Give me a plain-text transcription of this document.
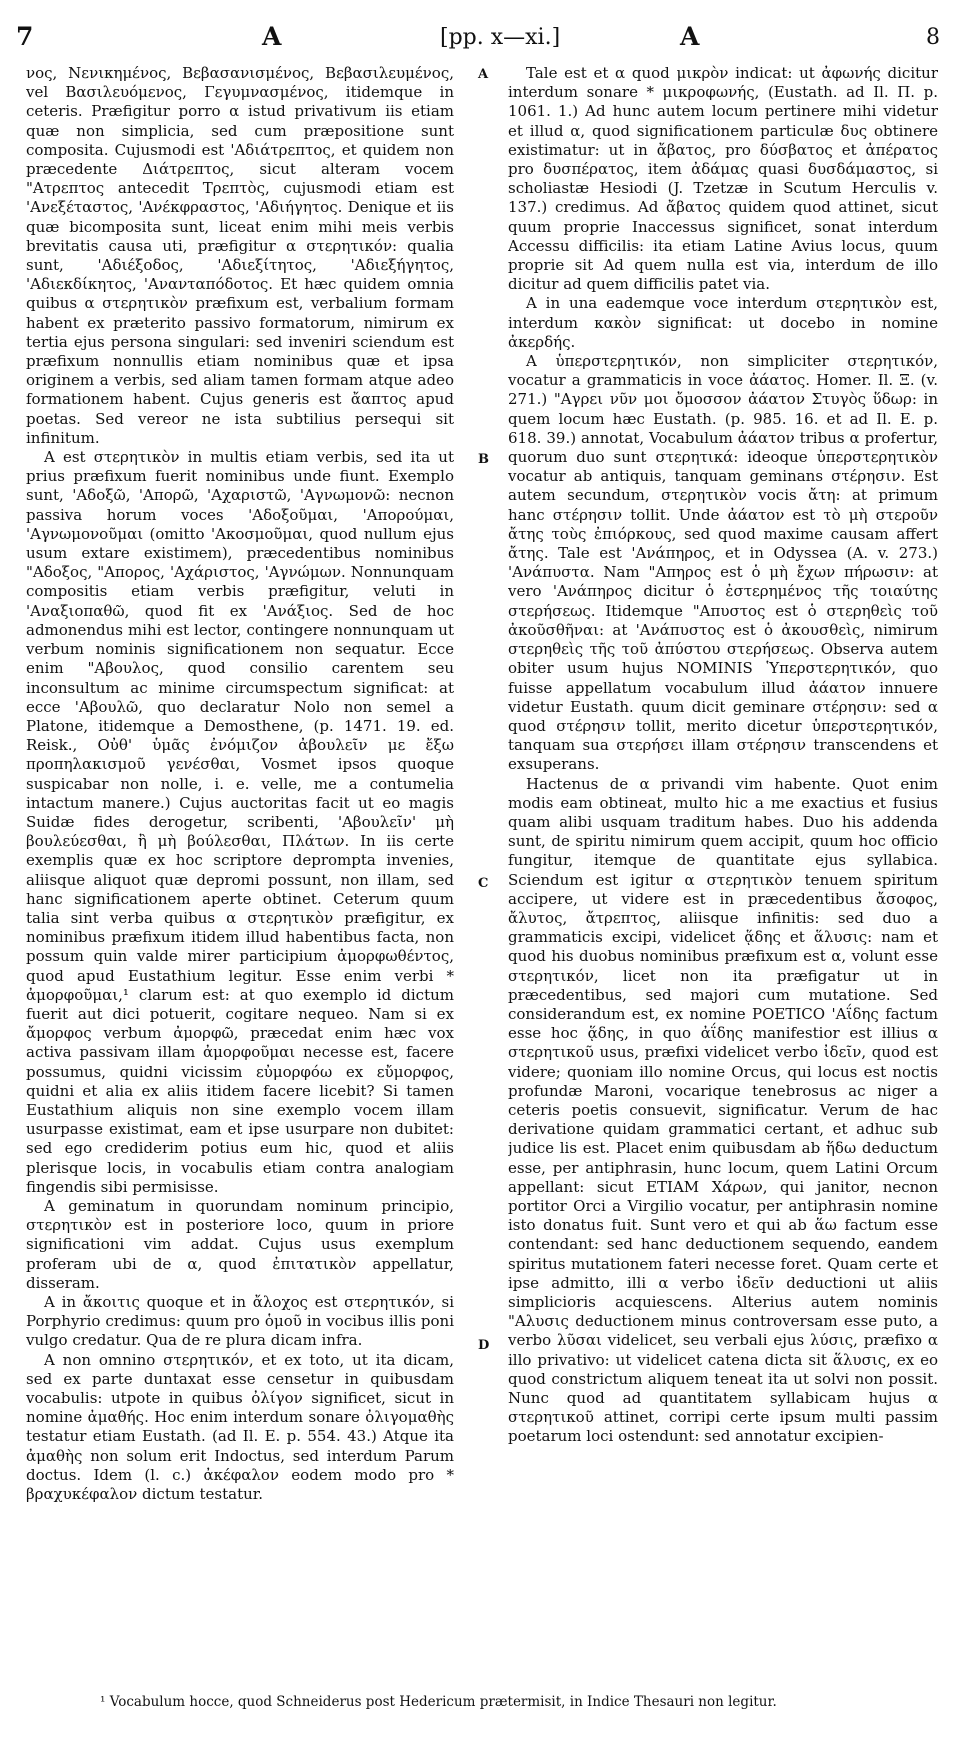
7	A	[pp. x—xi.]	A	8

νος, Νενικημένος, Βεβασανισμένος, Βεβασιλευμένος, vel Βασιλευόμενος, Γεγυμνασμένος, itidemque in ceteris. Præfigitur porro α istud privativum iis etiam quæ non simplicia, sed cum præpositione sunt composita. Cujusmodi est 'Αδιάτρεπτος, et quidem non præcedente Διάτρεπτος, sicut alteram vocem "Ατρεπτος antecedit Τρεπτὸς, cujusmodi etiam est 'Ανεξέταστος, 'Ανέκφραστος, 'Αδιήγητος. Denique et iis quæ bicomposita sunt, liceat enim mihi meis verbis brevitatis causa uti, præfigitur α στερητικόν: qualia sunt, 'Αδιέξοδος, 'Αδιεξίτητος, 'Αδιεξήγητος, 'Αδιεκδίκητος, 'Ανανταπόδοτος. Et hæc quidem omnia quibus α στερητικὸν præfixum est, verbalium formam habent ex præterito passivo formatorum, nimirum ex tertia ejus persona singulari: sed inveniri sciendum est præfixum nonnullis etiam nominibus quæ et ipsa originem a verbis, sed aliam tamen formam atque adeo formationem habent. Cujus generis est ἄαπτος apud poetas. Sed vereor ne ista subtilius persequi sit infinitum.

A est στερητικὸν in multis etiam verbis, sed ita ut prius præfixum fuerit nominibus unde fiunt. Exemplo sunt, 'Αδοξῶ, 'Απορῶ, 'Αχαριστῶ, 'Αγνωμονῶ: necnon passiva horum voces 'Αδοξοῦμαι, 'Απορούμαι, 'Αγνωμονοῦμαι (omitto 'Ακοσμοῦμαι, quod nullum ejus usum extare existimem), præcedentibus nominibus "Αδοξος, "Απορος, 'Αχάριστος, 'Αγνώμων. Nonnunquam compositis etiam verbis præfigitur, veluti in 'Αναξιοπαθῶ, quod fit ex 'Ανάξιος. Sed de hoc admonendus mihi est lector, contingere nonnunquam ut verbum nominis significationem non sequatur. Ecce enim "Αβουλος, quod consilio carentem seu inconsultum ac minime circumspectum significat: at ecce 'Αβουλῶ, quo declaratur Nolo non semel a Platone, itidemque a Demosthene, (p. 1471. 19. ed. Reisk., Οὐθ' ὑμᾶς ἐνόμιζον ἀβουλεῖν με ἔξω προπηλακισμοῦ γενέσθαι, Vosmet ipsos quoque suspicabar non nolle, i. e. velle, me a contumelia intactum manere.) Cujus auctoritas facit ut eo magis Suidæ fides derogetur, scribenti, 'Αβουλεῖν' μὴ βουλεύεσθαι, ἢ μὴ βούλεσθαι, Πλάτων. In iis certe exemplis quæ ex hoc scriptore deprompta invenies, aliisque aliquot quæ depromi possunt, non illam, sed hanc significationem aperte obtinet. Ceterum quum talia sint verba quibus α στερητικὸν præfigitur, ex nominibus præfixum itidem illud habentibus facta, non possum quin valde mirer participium ἀμορφωθέντος, quod apud Eustathium legitur. Esse enim verbi * ἀμορφοῦμαι,¹ clarum est: at quo exemplo id dictum fuerit aut dici potuerit, cogitare nequeo. Nam si ex ἄμορφος verbum ἀμορφῶ, præcedat enim hæc vox activa passivam illam ἀμορφοῦμαι necesse est, facere possumus, quidni vicissim εὐμορφόω ex εὔμορφος, quidni et alia ex aliis itidem facere licebit? Si tamen Eustathium aliquis non sine exemplo vocem illam usurpasse existimat, eam et ipse usurpare non dubitet: sed ego crediderim potius eum hic, quod et aliis plerisque locis, in vocabulis etiam contra analogiam fingendis sibi permisisse.

A geminatum in quorundam nominum principio, στερητικὸν est in posteriore loco, quum in priore significationi vim addat. Cujus usus exemplum proferam ubi de α, quod ἐπιτατικὸν appellatur, disseram.

A in ἄκοιτις quoque et in ἄλοχος est στερητικόν, si Porphyrio credimus: quum pro ὁμοῦ in vocibus illis poni vulgo credatur. Qua de re plura dicam infra.

A non omnino στερητικόν, et ex toto, ut ita dicam, sed ex parte duntaxat esse censetur in quibusdam vocabulis: utpote in quibus ὀλίγον significet, sicut in nomine ἀμαθής. Hoc enim interdum sonare ὀλιγομαθὴς testatur etiam Eustath. (ad Il. E. p. 554. 43.) Atque ita ἀμαθὴς non solum erit Indoctus, sed interdum Parum doctus. Idem (l. c.) ἀκέφαλον eodem modo pro * βραχυκέφαλον dictum testatur.

A
B
C
D

Tale est et α quod μικρὸν indicat: ut ἀφωνής dicitur interdum sonare * μικροφωνής, (Eustath. ad Il. Π. p. 1061. 1.) Ad hunc autem locum pertinere mihi videtur et illud α, quod significationem particulæ δυς obtinere existimatur: ut in ἄβατος, pro δύσβατος et ἀπέρατος pro δυσπέρατος, item ἀδάμας quasi δυσδάμαστος, si scholiastæ Hesiodi (J. Tzetzæ in Scutum Herculis v. 137.) credimus. Ad ἄβατος quidem quod attinet, sicut quum proprie Inaccessus significet, sonat interdum Accessu difficilis: ita etiam Latine Avius locus, quum proprie sit Ad quem nulla est via, interdum de illo dicitur ad quem difficilis patet via.

A in una eademque voce interdum στερητικὸν est, interdum κακὸν significat: ut docebo in nomine ἀκερδής.

A ὑπερστερητικόν, non simpliciter στερητικόν, vocatur a grammaticis in voce ἀάατος. Homer. Il. Ξ. (v. 271.) "Αγρει νῦν μοι ὄμοσσον ἀάατον Στυγὸς ὕδωρ: in quem locum hæc Eustath. (p. 985. 16. et ad Il. E. p. 618. 39.) annotat, Vocabulum ἀάατον tribus α profertur, quorum duo sunt στερητικά: ideoque ὑπερστερητικὸν vocatur ab antiquis, tanquam geminans στέρησιν. Est autem secundum, στερητικὸν vocis ἄτη: at primum hanc στέρησιν tollit. Unde ἀάατον est τὸ μὴ στεροῦν ἄτης τοὺς ἐπιόρκους, sed quod maxime causam affert ἄτης. Tale est 'Ανάπηρος, et in Odyssea (A. v. 273.) 'Ανάπυστα. Nam "Απηρος est ὁ μὴ ἔχων πήρωσιν: at vero 'Ανάπηρος dicitur ὁ ἐστερημένος τῆς τοιαύτης στερήσεως. Itidemque "Απυστος est ὁ στερηθεὶς τοῦ ἀκοῦσθῆναι: at 'Ανάπυστος est ὁ ἀκουσθεὶς, nimirum στερηθεὶς τῆς τοῦ ἀπύστου στερήσεως. Observa autem obiter usum hujus NOMINIS Ὑπερστερητικόν, quo fuisse appellatum vocabulum illud ἀάατον innuere videtur Eustath. quum dicit geminare στέρησιν: sed α quod στέρησιν tollit, merito dicetur ὑπερστερητικόν, tanquam sua στερήσει illam στέρησιν transcendens et exsuperans.

Hactenus de α privandi vim habente. Quot enim modis eam obtineat, multo hic a me exactius et fusius quam alibi usquam traditum habes. Duo his addenda sunt, de spiritu nimirum quem accipit, quum hoc officio fungitur, itemque de quantitate ejus syllabica. Sciendum est igitur α στερητικὸν tenuem spiritum accipere, ut videre est in præcedentibus ἄσοφος, ἄλυτος, ἄτρεπτος, aliisque infinitis: sed duo a grammaticis excipi, videlicet ᾅδης et ἅλυσις: nam et quod his duobus nominibus præfixum est α, volunt esse στερητικόν, licet non ita præfigatur ut in præcedentibus, sed majori cum mutatione. Sed considerandum est, ex nomine POETICO 'Αΐδης factum esse hoc ᾅδης, in quo ἀΐδης manifestior est illius α στερητικοῦ usus, præfixi videlicet verbo ἰδεῖν, quod est videre; quoniam illo nomine Orcus, qui locus est noctis profundæ Maroni, vocarique tenebrosus ac niger a ceteris poetis consuevit, significatur. Verum de hac derivatione quidam grammatici certant, et adhuc sub judice lis est. Placet enim quibusdam ab ἥδω deductum esse, per antiphrasin, hunc locum, quem Latini Orcum appellant: sicut ETIAM Χάρων, qui janitor, necnon portitor Orci a Virgilio vocatur, per antiphrasin nomine isto donatus fuit. Sunt vero et qui ab ἅω factum esse contendant: sed hanc deductionem sequendo, eandem spiritus mutationem fateri necesse foret. Quam certe et ipse admitto, illi α verbo ἰδεῖν deductioni ut aliis simplicioris acquiescens. Alterius autem nominis "Αλυσις deductionem minus controversam esse puto, a verbo λῦσαι videlicet, seu verbali ejus λύσις, præfixo α illo privativo: ut videlicet catena dicta sit ἅλυσις, ex eo quod constrictum aliquem teneat ita ut solvi non possit. Nunc quod ad quantitatem syllabicam hujus α στερητικοῦ attinet, corripi certe ipsum multi passim poetarum loci ostendunt: sed annotatur excipien-

¹ Vocabulum hocce, quod Schneiderus post Hedericum prætermisit, in Indice Thesauri non legitur.
